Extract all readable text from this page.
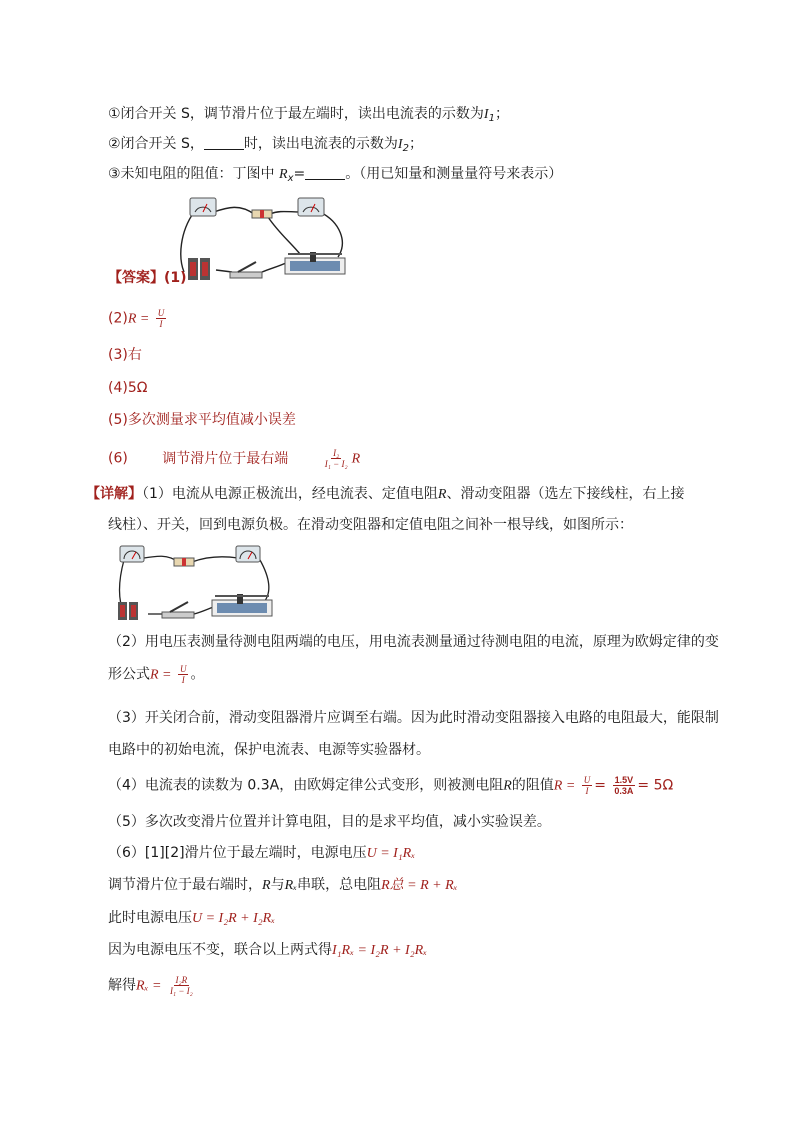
①闭合开关 S，调节滑片位于最左端时，读出电流表的示数为$I_1$；
②闭合开关 S，	时，读出电流表的示数为$I_2$；
③未知电阻的阻值：丁图中 $R_x=$	。（用已知量和测量量符号来表示）
【答案】(1)
$(2)R = \frac{U}{I}$
(3)右
(4)5Ω
(5)多次测量求平均值减小误差
(6) 调节滑片位于最右端	$\frac{\text{I₂}}{\text{I₁ − I₂}}$ R
【详解】（1）电流从电源正极流出，经电流表、定值电阻R、滑动变阻器（选左下接线柱，右上接
线柱）、开关，回到电源负极。在滑动变阻器和定值电阻之间补一根导线，如图所示：
（2）用电压表测量待测电阻两端的电压，用电流表测量通过待测电阻的电流，原理为欧姆定律的变
形公式$R = \frac{U}{I}$ 。
（3）开关闭合前，滑动变阻器滑片应调至右端。因为此时滑动变阻器接入电路的电阻最大，能限制
电路中的初始电流，保护电流表、电源等实验器材。
（4）电流表的读数为 0.3A，由欧姆定律公式变形，则被测电阻R的阻值$R = \frac{U}{I} = \frac{1.5V}{0.3A} = 5\Omega$
（5）多次改变滑片位置并计算电阻，目的是求平均值，减小实验误差。
（6）[1][2]滑片位于最左端时，电源电压U = I₁Rₓ
调节滑片位于最右端时，R与Rₓ串联，总电阻R总 = R + Rₓ
此时电源电压U = I₂R + I₂Rₓ
因为电源电压不变，联合以上两式得I₁Rₓ = I₂R + I₂Rₓ
解得$R_x = \frac{\text{I₂R}}{\text{I₁ − I₂}}$
